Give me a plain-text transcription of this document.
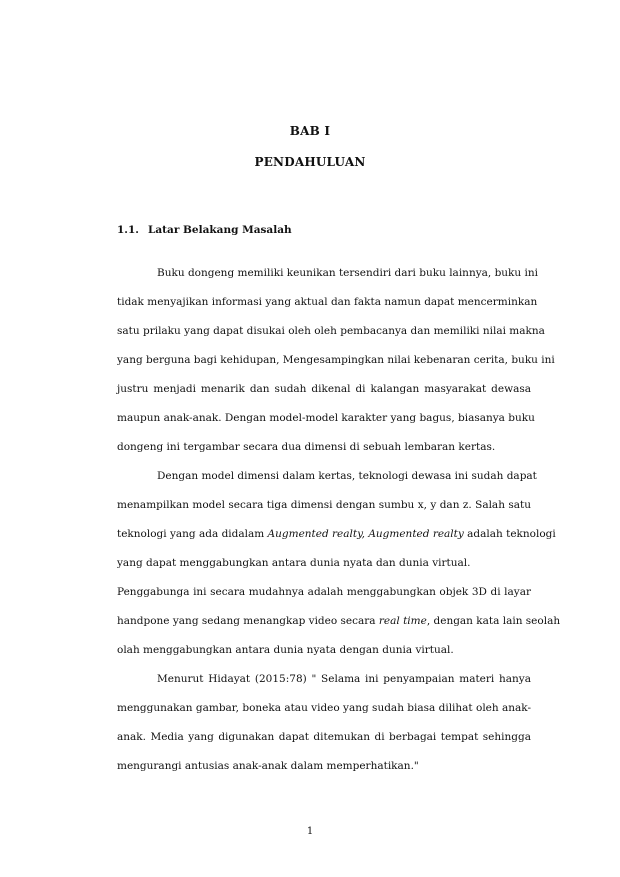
BAB I
PENDAHULUAN
1.1. Latar Belakang Masalah
Buku dongeng memiliki keunikan tersendiri dari buku lainnya, buku ini
tidak menyajikan informasi yang aktual dan fakta namun dapat mencerminkan
satu prilaku yang dapat disukai oleh oleh pembacanya dan memiliki nilai makna
yang berguna bagi kehidupan, Mengesampingkan nilai kebenaran cerita, buku ini
justru menjadi menarik dan sudah dikenal di kalangan masyarakat dewasa
maupun anak-anak. Dengan model-model karakter yang bagus, biasanya buku
dongeng ini tergambar secara dua dimensi di sebuah lembaran kertas.
Dengan model dimensi dalam kertas, teknologi dewasa ini sudah dapat
menampilkan model secara tiga dimensi dengan sumbu x, y dan z. Salah satu
teknologi yang ada didalam Augmented realty, Augmented realty adalah teknologi
yang dapat menggabungkan antara dunia nyata dan dunia virtual.
Penggabunga ini secara mudahnya adalah menggabungkan objek 3D di layar
handpone yang sedang menangkap video secara real time, dengan kata lain seolah
olah menggabungkan antara dunia nyata dengan dunia virtual.
Menurut Hidayat (2015:78) " Selama ini penyampaian materi hanya
menggunakan gambar, boneka atau video yang sudah biasa dilihat oleh anak-
anak. Media yang digunakan dapat ditemukan di berbagai tempat sehingga
mengurangi antusias anak-anak dalam memperhatikan."
1
